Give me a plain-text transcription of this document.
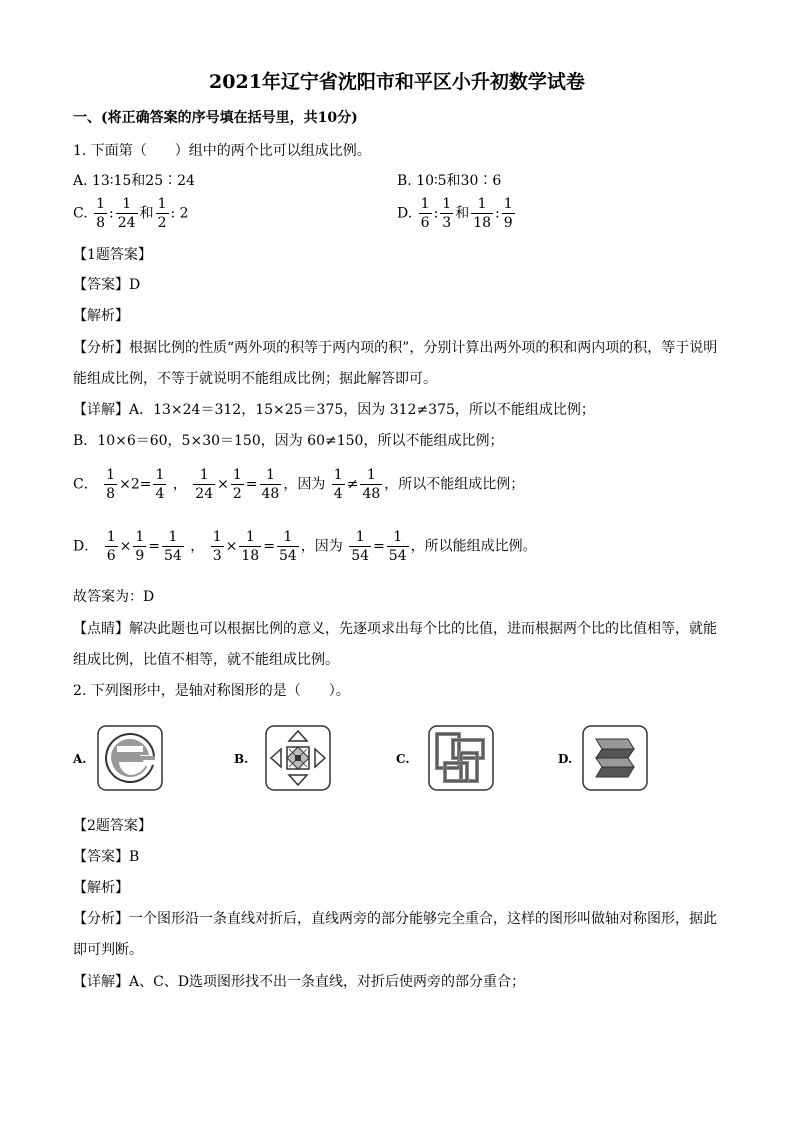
2021年辽宁省沈阳市和平区小升初数学试卷
一、(将正确答案的序号填在括号里，共10分)
1. 下面第（　　）组中的两个比可以组成比例。
A. 13∶15和25∶24	B. 10∶5和30∶6
C. $\frac{1}{8}$ : $\frac{1}{24}$ 和 $\frac{1}{2}$ : 2	D. $\frac{1}{6}$ : $\frac{1}{3}$ 和 $\frac{1}{18}$ : $\frac{1}{9}$
【1题答案】
【答案】D
【解析】
【分析】根据比例的性质“两外项的积等于两内项的积”，分别计算出两外项的积和两内项的积，等于说明
能组成比例，不等于就说明不能组成比例；据此解答即可。
【详解】A．13×24＝312，15×25＝375，因为 312≠375，所以不能组成比例；
B．10×6＝60，5×30＝150，因为 60≠150，所以不能组成比例；
C． $\frac{1}{8} \times 2= \frac{1}{4}$ ， $\frac{1}{24} \times \frac{1}{2} = \frac{1}{48}$ ，因为 $\frac{1}{4} \ne \frac{1}{48}$ ，所以不能组成比例；
D． $\frac{1}{6} \times \frac{1}{9} = \frac{1}{54}$ ， $\frac{1}{3} \times \frac{1}{18} = \frac{1}{54}$ ，因为 $\frac{1}{54} = \frac{1}{54}$ ，所以能组成比例。
故答案为：D
【点睛】解决此题也可以根据比例的意义，先逐项求出每个比的比值，进而根据两个比的比值相等，就能
组成比例，比值不相等，就不能组成比例。
2. 下列图形中，是轴对称图形的是（　　）。
A.	B.	C.	D.
【2题答案】
【答案】B
【解析】
【分析】一个图形沿一条直线对折后，直线两旁的部分能够完全重合，这样的图形叫做轴对称图形，据此
即可判断。
【详解】A、C、D选项图形找不出一条直线，对折后使两旁的部分重合；
